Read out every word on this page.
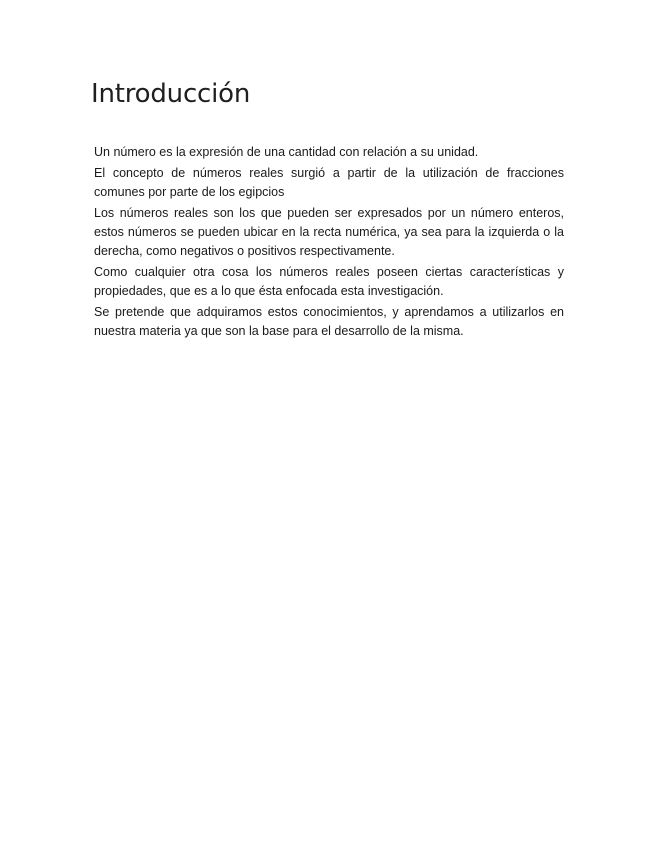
Introducción

Un número es la expresión de una cantidad con relación a su unidad.

El concepto de números reales surgió a partir de la utilización de fracciones comunes por parte de los egipcios

Los números reales son los que pueden ser expresados por un número enteros, estos números se pueden ubicar en la recta numérica, ya sea para la izquierda o la derecha, como negativos o positivos respectivamente.

Como cualquier otra cosa los números reales poseen ciertas características y propiedades, que es a lo que ésta enfocada esta investigación.

Se pretende que adquiramos estos conocimientos, y aprendamos a utilizarlos en nuestra materia ya que son la base para el desarrollo de la misma.
